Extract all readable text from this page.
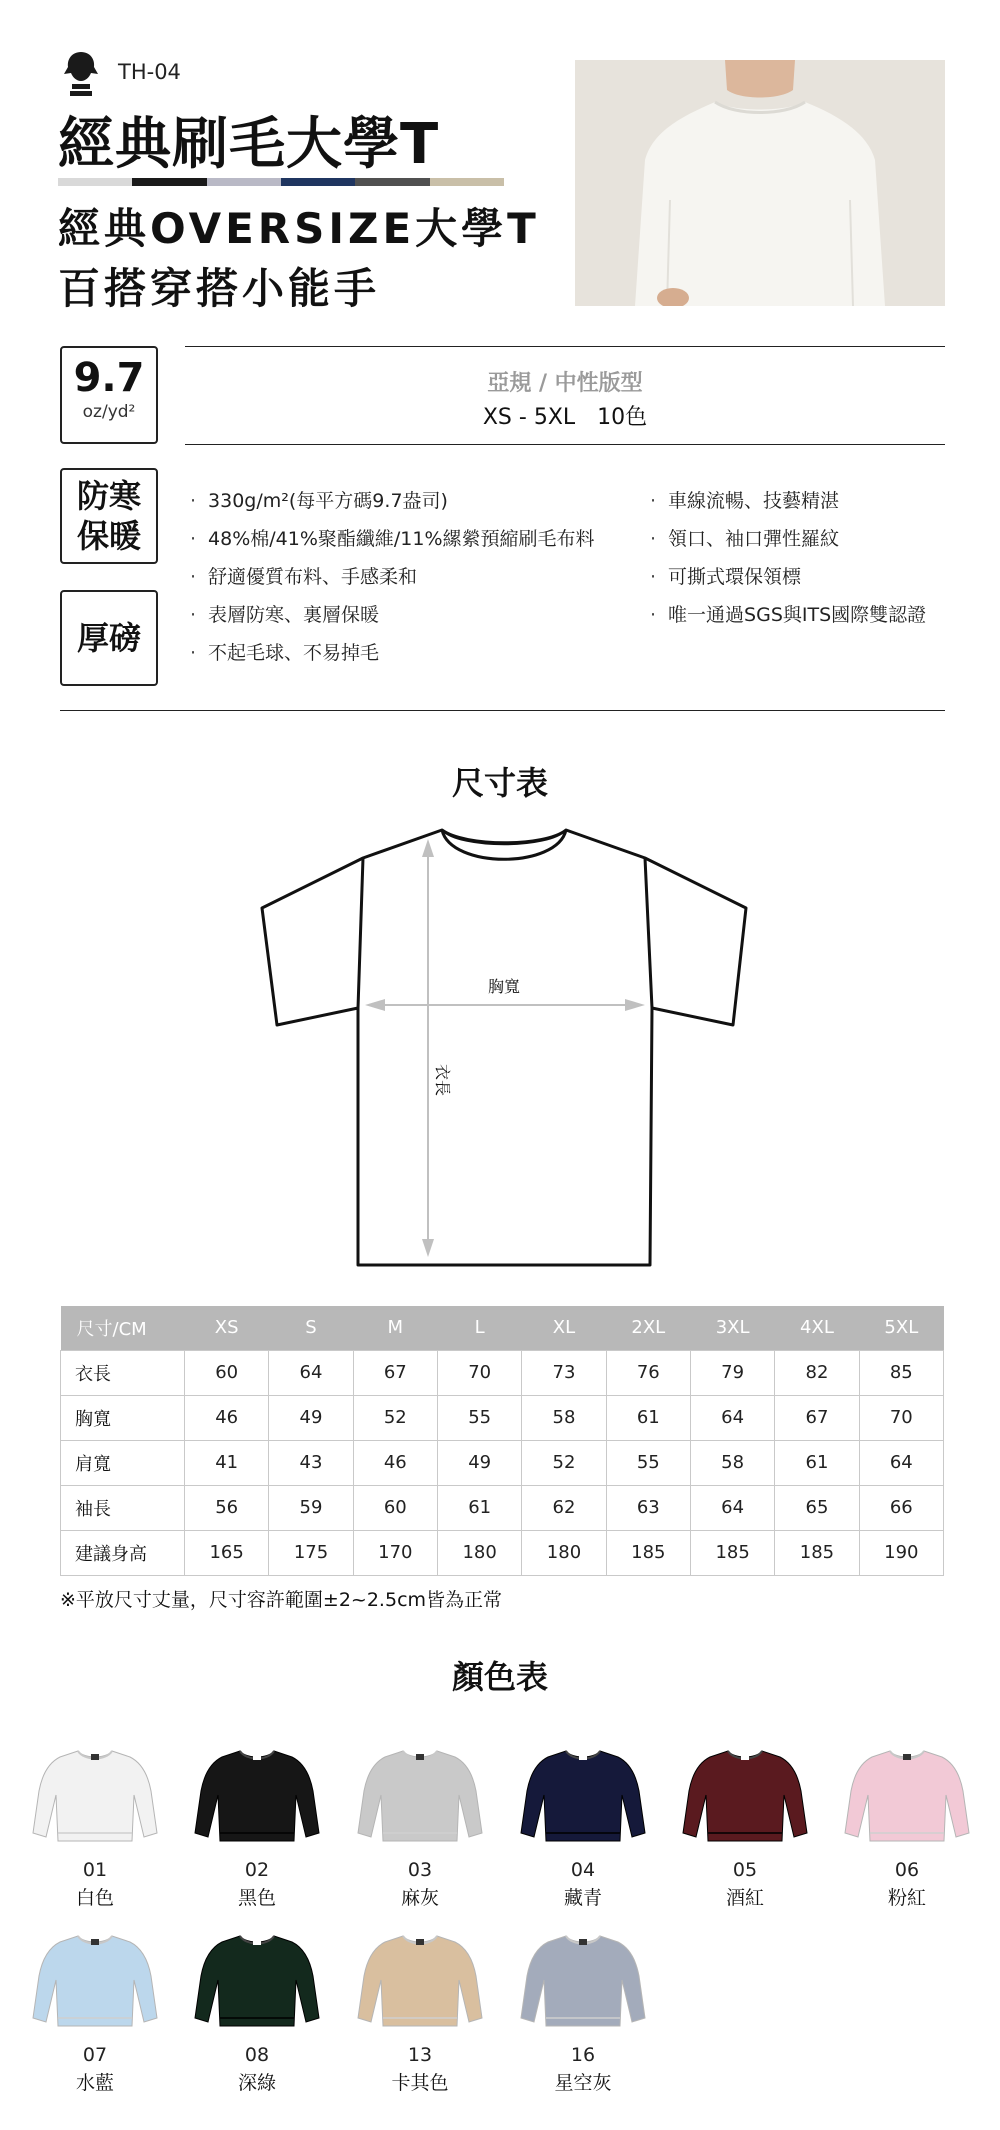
TH-04
經典刷毛大學T
經典OVERSIZE大學T
百搭穿搭小能手
9.7
oz/yd²
亞規 / 中性版型
XS - 5XL　10色
防寒
保暖
厚磅
· 330g/m²(每平方碼9.7盎司)
· 48%棉/41%聚酯纖維/11%縲縈預縮刷毛布料
· 舒適優質布料、手感柔和
· 表層防寒、裏層保暖
· 不起毛球、不易掉毛
· 車線流暢、技藝精湛
· 領口、袖口彈性羅紋
· 可撕式環保領標
· 唯一通過SGS與ITS國際雙認證
尺寸表
胸寬
衣長
尺寸/CM	XS	S	M	L	XL	2XL	3XL	4XL	5XL
衣長	60	64	67	70	73	76	79	82	85
胸寬	46	49	52	55	58	61	64	67	70
肩寬	41	43	46	49	52	55	58	61	64
袖長	56	59	60	61	62	63	64	65	66
建議身高	165	175	170	180	180	185	185	185	190
※平放尺寸丈量，尺寸容許範圍±2~2.5cm皆為正常
顏色表
01
白色
02
黑色
03
麻灰
04
藏青
05
酒紅
06
粉紅
07
水藍
08
深綠
13
卡其色
16
星空灰
